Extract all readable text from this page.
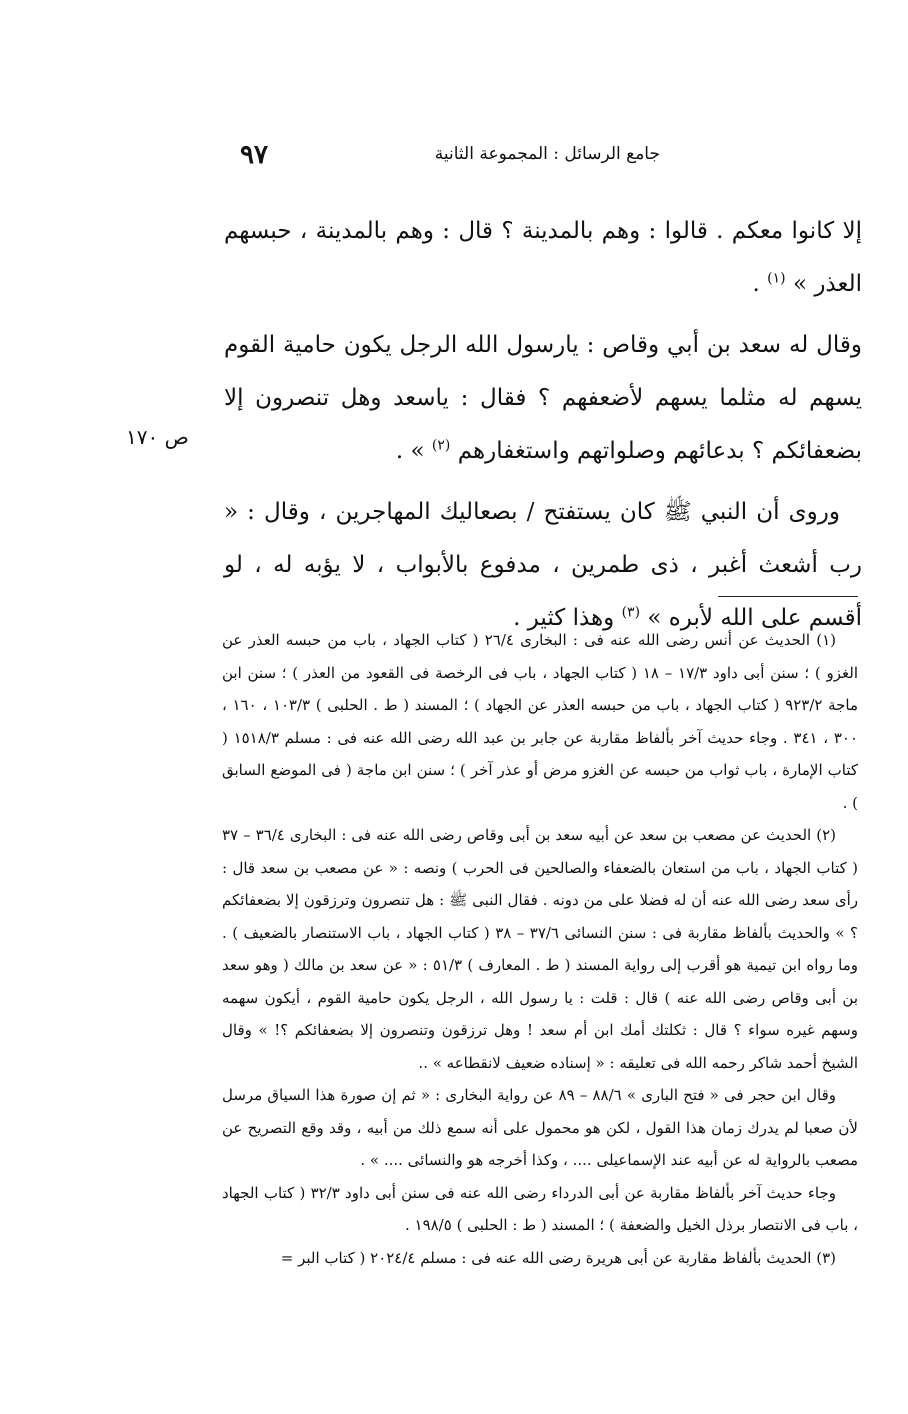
جامع الرسائل : المجموعة الثانية
٩٧

إلا كانوا معكم . قالوا : وهم بالمدينة ؟ قال : وهم بالمدينة ، حبسهم العذر » $^{(١)}$ .

وقال له سعد بن أبي وقاص : يارسول الله الرجل يكون حامية القوم يسهم له مثلما يسهم لأضعفهم ؟ فقال : ياسعد وهل تنصرون إلا بضعفائكم ؟ بدعائهم وصلواتهم واستغفارهم $^{(٢)}$ » .

وروى أن النبي ﷺ كان يستفتح / بصعاليك المهاجرين ، وقال : « رب أشعث أغبر ، ذى طمرين ، مدفوع بالأبواب ، لا يؤبه له ، لو أقسم على الله لأبره » $^{(٣)}$ وهذا كثير .

ص ١٧٠

(١) الحديث عن أنس رضى الله عنه فى : البخارى ٢٦/٤ ( كتاب الجهاد ، باب من حبسه العذر عن الغزو ) ؛ سنن أبى داود ١٧/٣ – ١٨ ( كتاب الجهاد ، باب فى الرخصة فى القعود من العذر ) ؛ سنن ابن ماجة ٩٢٣/٢ ( كتاب الجهاد ، باب من حبسه العذر عن الجهاد ) ؛ المسند ( ط . الحلبى ) ١٠٣/٣ ، ١٦٠ ، ٣٠٠ ، ٣٤١ . وجاء حديث آخر بألفاظ مقاربة عن جابر بن عبد الله رضى الله عنه فى : مسلم ١٥١٨/٣ ( كتاب الإمارة ، باب ثواب من حبسه عن الغزو مرض أو عذر آخر ) ؛ سنن ابن ماجة ( فى الموضع السابق ) .

(٢) الحديث عن مصعب بن سعد عن أبيه سعد بن أبى وقاص رضى الله عنه فى : البخارى ٣٦/٤ – ٣٧ ( كتاب الجهاد ، باب من استعان بالضعفاء والصالحين فى الحرب ) ونصه : « عن مصعب بن سعد قال : رأى سعد رضى الله عنه أن له فضلا على من دونه . فقال النبى ﷺ : هل تنصرون وترزقون إلا بضعفائكم ؟ » والحديث بألفاظ مقاربة فى : سنن النسائى ٣٧/٦ – ٣٨ ( كتاب الجهاد ، باب الاستنصار بالضعيف ) . وما رواه ابن تيمية هو أقرب إلى رواية المسند ( ط . المعارف ) ٥١/٣ : « عن سعد بن مالك ( وهو سعد بن أبى وقاص رضى الله عنه ) قال : قلت : يا رسول الله ، الرجل يكون حامية القوم ، أيكون سهمه وسهم غيره سواء ؟ قال : ثكلتك أمك ابن أم سعد ! وهل ترزقون وتنصرون إلا بضعفائكم ؟! » وقال الشيخ أحمد شاكر رحمه الله فى تعليقه : « إسناده ضعيف لانقطاعه » ..

وقال ابن حجر فى « فتح البارى » ٨٨/٦ – ٨٩ عن رواية البخارى : « ثم إن صورة هذا السياق مرسل لأن صعبا لم يدرك زمان هذا القول ، لكن هو محمول على أنه سمع ذلك من أبيه ، وقد وقع التصريح عن مصعب بالرواية له عن أبيه عند الإسماعيلى .... ، وكذا أخرجه هو والنسائى .... » .

وجاء حديث آخر بألفاظ مقاربة عن أبى الدرداء رضى الله عنه فى سنن أبى داود ٣٢/٣ ( كتاب الجهاد ، باب فى الانتصار برذل الخيل والضعفة ) ؛ المسند ( ط : الحلبى ) ١٩٨/٥ .

(٣) الحديث بألفاظ مقاربة عن أبى هريرة رضى الله عنه فى : مسلم ٢٠٢٤/٤ ( كتاب البر =
